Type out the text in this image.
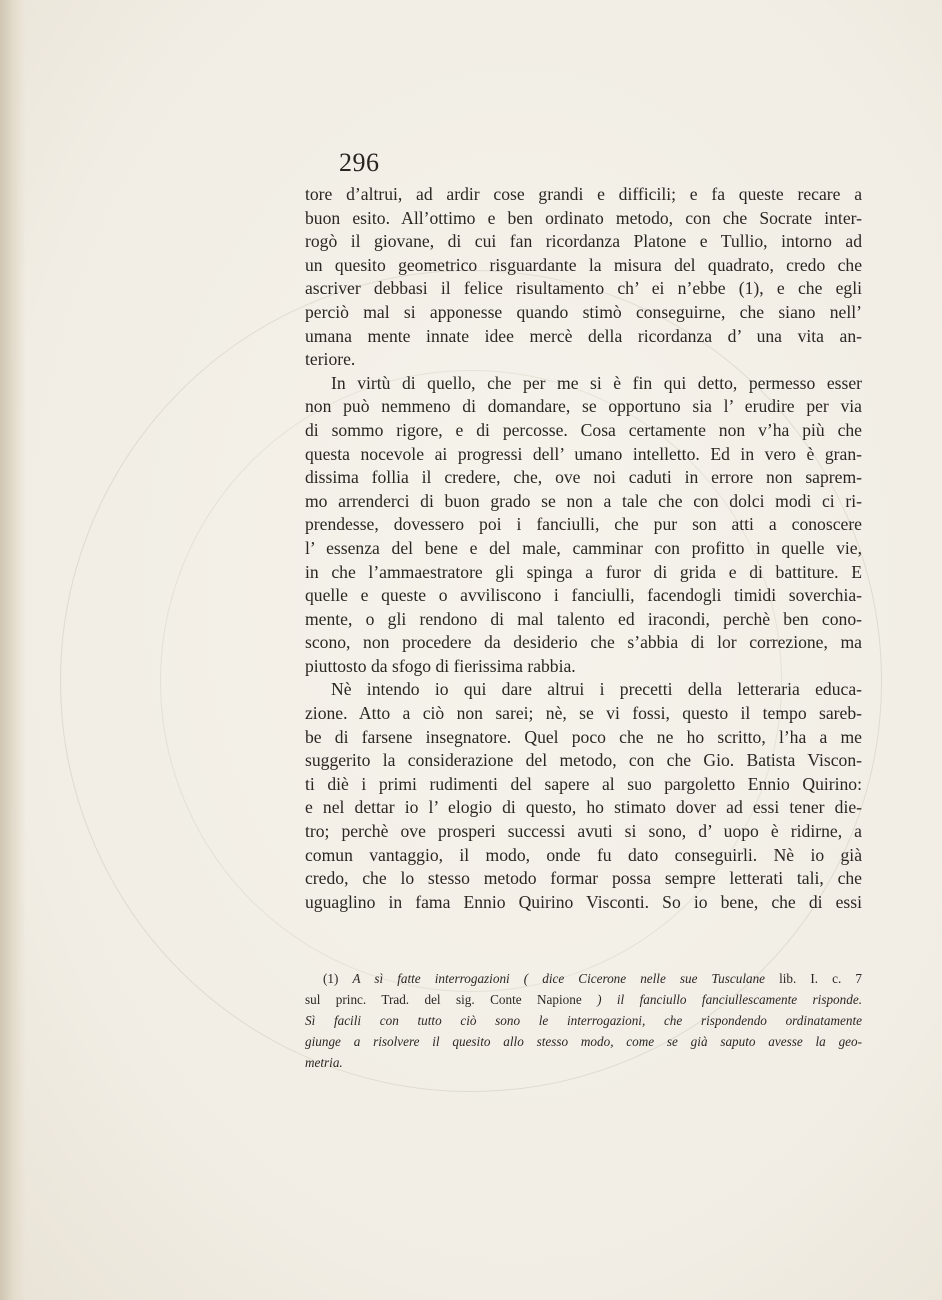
296
tore d’altrui, ad ardir cose grandi e difficili; e fa queste recare a
buon esito. All’ottimo e ben ordinato metodo, con che Socrate inter-
rogò il giovane, di cui fan ricordanza Platone e Tullio, intorno ad
un quesito geometrico risguardante la misura del quadrato, credo che
ascriver debbasi il felice risultamento ch’ ei n’ebbe (1), e che egli
perciò mal si apponesse quando stimò conseguirne, che siano nell’
umana mente innate idee mercè della ricordanza d’ una vita an-
teriore.
In virtù di quello, che per me si è fin qui detto, permesso esser
non può nemmeno di domandare, se opportuno sia l’ erudire per via
di sommo rigore, e di percosse. Cosa certamente non v’ha più che
questa nocevole ai progressi dell’ umano intelletto. Ed in vero è gran-
dissima follia il credere, che, ove noi caduti in errore non saprem-
mo arrenderci di buon grado se non a tale che con dolci modi ci ri-
prendesse, dovessero poi i fanciulli, che pur son atti a conoscere
l’ essenza del bene e del male, camminar con profitto in quelle vie,
in che l’ammaestratore gli spinga a furor di grida e di battiture. E
quelle e queste o avviliscono i fanciulli, facendogli timidi soverchia-
mente, o gli rendono di mal talento ed iracondi, perchè ben cono-
scono, non procedere da desiderio che s’abbia di lor correzione, ma
piuttosto da sfogo di fierissima rabbia.
Nè intendo io qui dare altrui i precetti della letteraria educa-
zione. Atto a ciò non sarei; nè, se vi fossi, questo il tempo sareb-
be di farsene insegnatore. Quel poco che ne ho scritto, l’ha a me
suggerito la considerazione del metodo, con che Gio. Batista Viscon-
ti diè i primi rudimenti del sapere al suo pargoletto Ennio Quirino:
e nel dettar io l’ elogio di questo, ho stimato dover ad essi tener die-
tro; perchè ove prosperi successi avuti si sono, d’ uopo è ridirne, a
comun vantaggio, il modo, onde fu dato conseguirli. Nè io già
credo, che lo stesso metodo formar possa sempre letterati tali, che
uguaglino in fama Ennio Quirino Visconti. So io bene, che di essi
(1) A sì fatte interrogazioni ( dice Cicerone nelle sue Tusculane lib. I. c. 7
sul princ. Trad. del sig. Conte Napione ) il fanciullo fanciullescamente risponde.
Sì facili con tutto ciò sono le interrogazioni, che rispondendo ordinatamente
giunge a risolvere il quesito allo stesso modo, come se già saputo avesse la geo-
metria.
